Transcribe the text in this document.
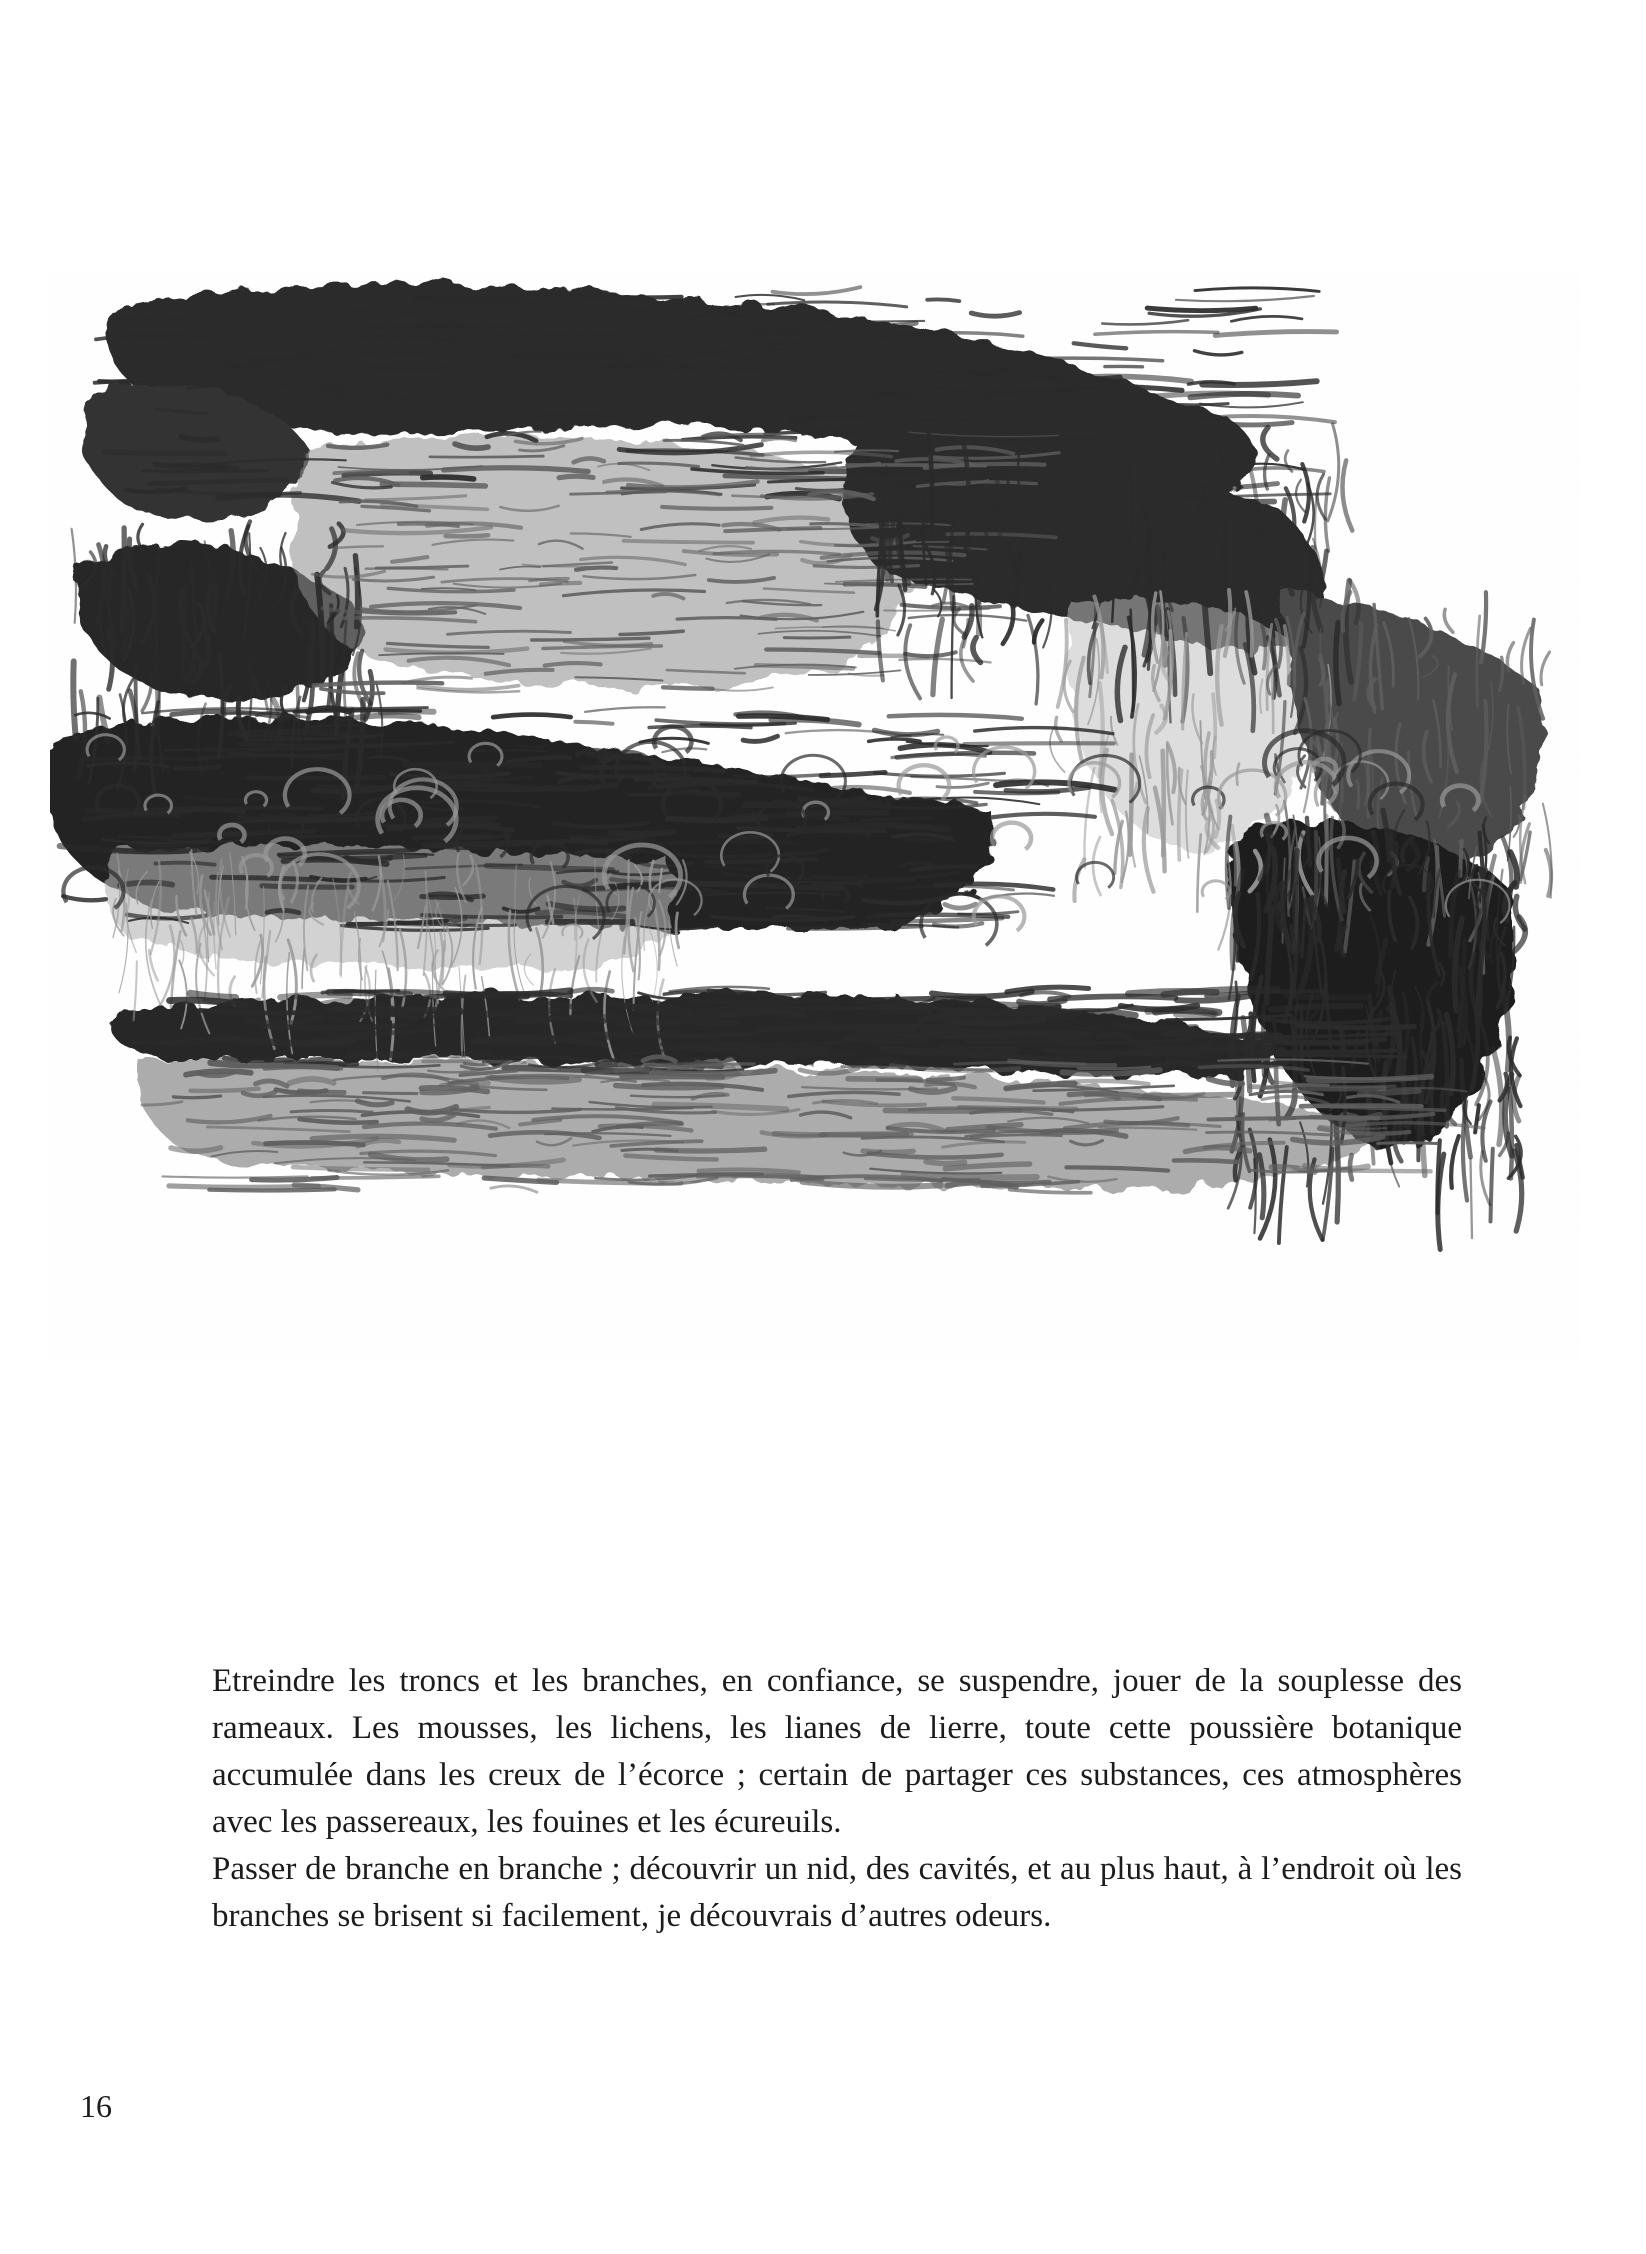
Etreindre les troncs et les branches, en confiance, se suspendre, jouer de la souplesse des rameaux. Les mousses, les lichens, les lianes de lierre, toute cette poussière botanique accumulée dans les creux de l’écorce ; certain de partager ces substances, ces atmosphères avec les passereaux, les fouines et les écureuils.

Passer de branche en branche ; découvrir un nid, des cavités, et au plus haut, à l’endroit où les branches se brisent si facilement, je découvrais d’autres odeurs.

16
